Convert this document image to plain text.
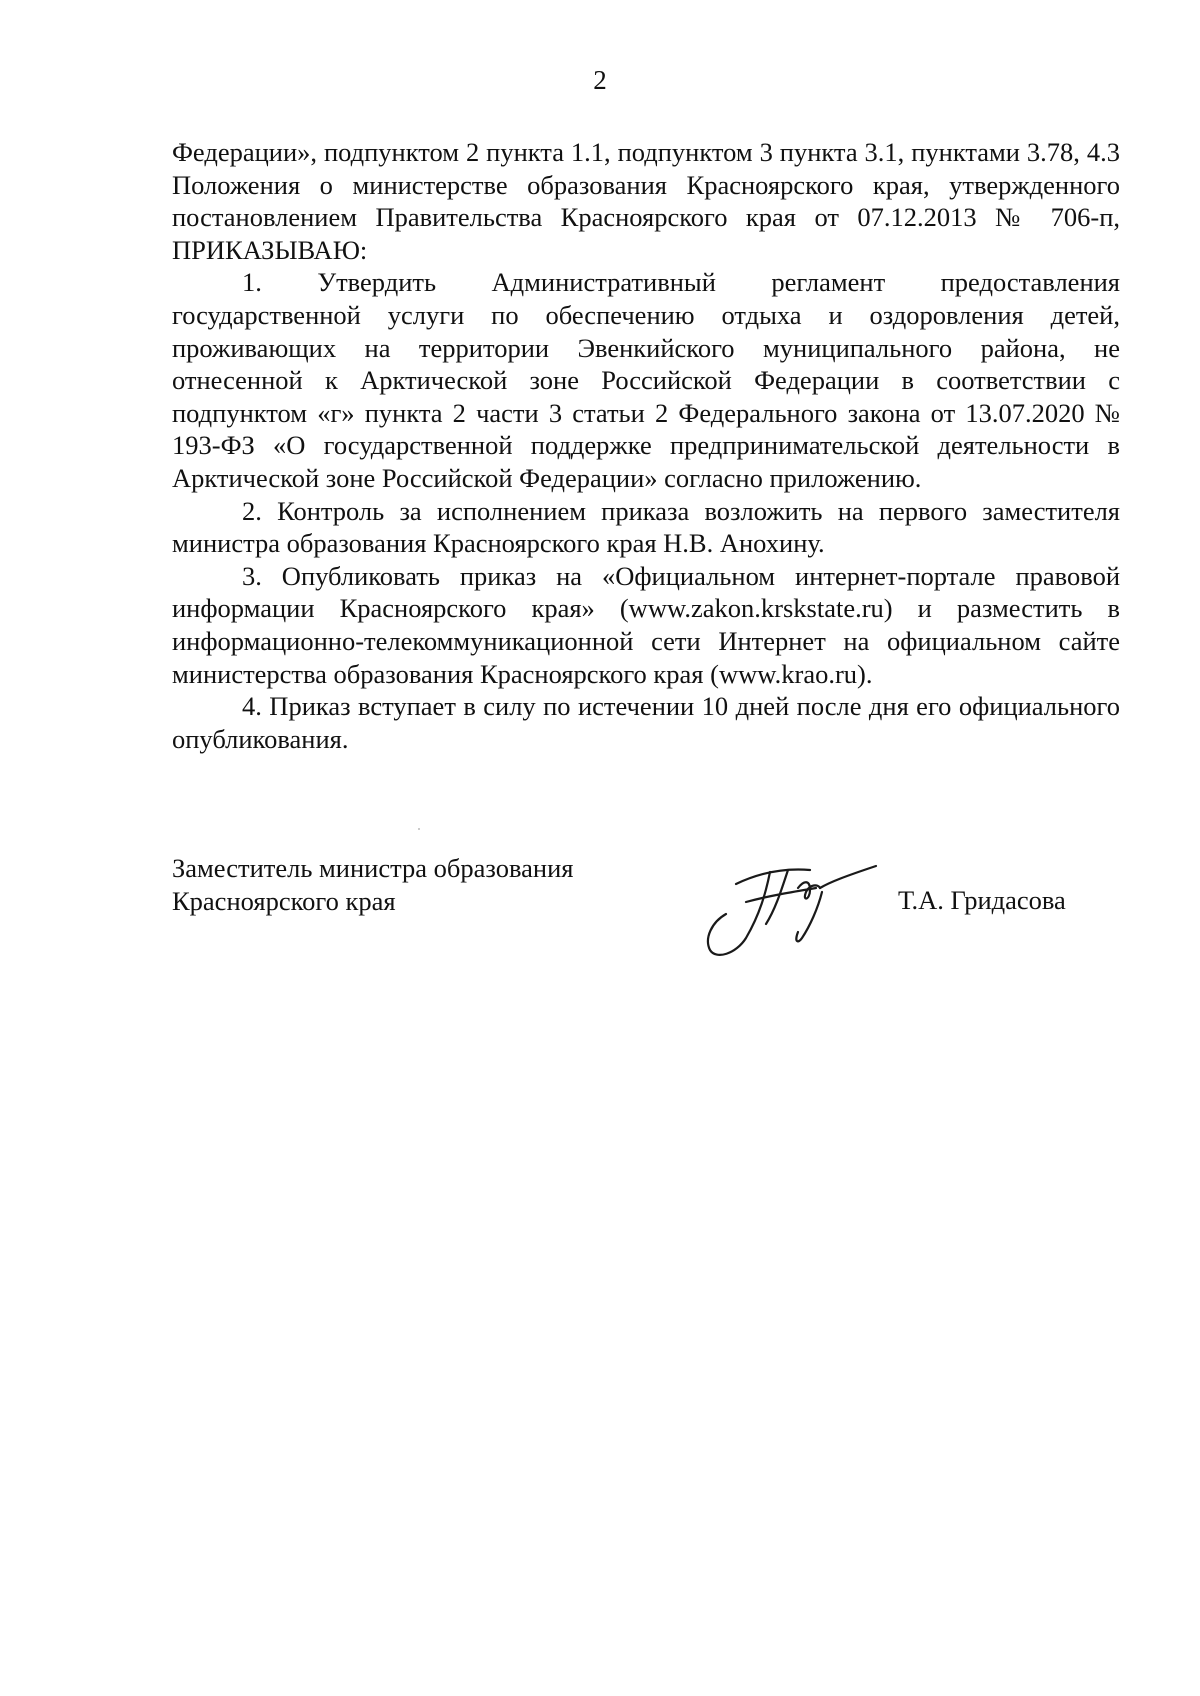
2

Федерации», подпунктом 2 пункта 1.1, подпунктом 3 пункта 3.1, пунктами 3.78, 4.3 Положения о министерстве образования Красноярского края, утвержденного постановлением Правительства Красноярского края от 07.12.2013 № 706-п, ПРИКАЗЫВАЮ:

1. Утвердить Административный регламент предоставления государственной услуги по обеспечению отдыха и оздоровления детей, проживающих на территории Эвенкийского муниципального района, не отнесенной к Арктической зоне Российской Федерации в соответствии с подпунктом «г» пункта 2 части 3 статьи 2 Федерального закона от 13.07.2020 № 193-ФЗ «О государственной поддержке предпринимательской деятельности в Арктической зоне Российской Федерации» согласно приложению.

2. Контроль за исполнением приказа возложить на первого заместителя министра образования Красноярского края Н.В. Анохину.

3. Опубликовать приказ на «Официальном интернет-портале правовой информации Красноярского края» (www.zakon.krskstate.ru) и разместить в информационно-телекоммуникационной сети Интернет на официальном сайте министерства образования Красноярского края (www.krao.ru).

4. Приказ вступает в силу по истечении 10 дней после дня его официального опубликования.

Заместитель министра образования
Красноярского края	Т.А. Гридасова
